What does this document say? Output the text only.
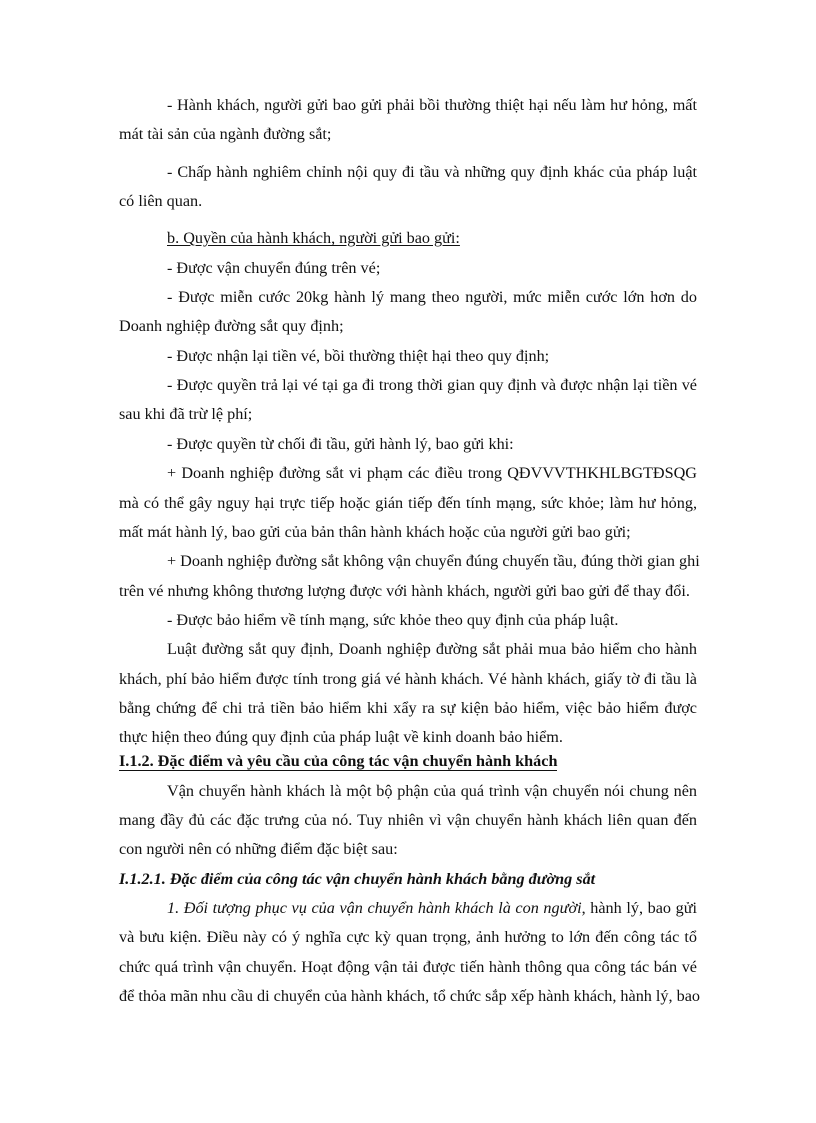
- Hành khách, người gửi bao gửi phải bồi thường thiệt hại nếu làm hư hỏng, mất
mát tài sản của ngành đường sắt;
- Chấp hành nghiêm chỉnh nội quy đi tầu và những quy định khác của pháp luật
có liên quan.
b. Quyền của hành khách, người gửi bao gửi:
- Được vận chuyển đúng trên vé;
- Được miễn cước 20kg hành lý mang theo người, mức miễn cước lớn hơn do
Doanh nghiệp đường sắt quy định;
- Được nhận lại tiền vé, bồi thường thiệt hại theo quy định;
- Được quyền trả lại vé tại ga đi trong thời gian quy định và được nhận lại tiền vé
sau khi đã trừ lệ phí;
- Được quyền từ chối đi tầu, gửi hành lý, bao gửi khi:
+ Doanh nghiệp đường sắt vi phạm các điều trong QĐVVVTHKHLBGTĐSQG
mà có thể gây nguy hại trực tiếp hoặc gián tiếp đến tính mạng, sức khỏe; làm hư hỏng,
mất mát hành lý, bao gửi của bản thân hành khách hoặc của người gửi bao gửi;
+ Doanh nghiệp đường sắt không vận chuyển đúng chuyến tầu, đúng thời gian ghi
trên vé nhưng không thương lượng được với hành khách, người gửi bao gửi để thay đổi.
- Được bảo hiểm về tính mạng, sức khỏe theo quy định của pháp luật.
Luật đường sắt quy định, Doanh nghiệp đường sắt phải mua bảo hiểm cho hành
khách, phí bảo hiểm được tính trong giá vé hành khách. Vé hành khách, giấy tờ đi tầu là
bằng chứng để chi trả tiền bảo hiểm khi xẩy ra sự kiện bảo hiểm, việc bảo hiểm được
thực hiện theo đúng quy định của pháp luật về kinh doanh bảo hiểm.
I.1.2. Đặc điểm và yêu cầu của công tác vận chuyển hành khách
Vận chuyển hành khách là một bộ phận của quá trình vận chuyển nói chung nên
mang đầy đủ các đặc trưng của nó. Tuy nhiên vì vận chuyển hành khách liên quan đến
con người nên có những điểm đặc biệt sau:
I.1.2.1. Đặc điểm của công tác vận chuyển hành khách bằng đường sắt
1. Đối tượng phục vụ của vận chuyển hành khách là con người, hành lý, bao gửi
và bưu kiện. Điều này có ý nghĩa cực kỳ quan trọng, ảnh hưởng to lớn đến công tác tổ
chức quá trình vận chuyển. Hoạt động vận tải được tiến hành thông qua công tác bán vé
để thỏa mãn nhu cầu di chuyển của hành khách, tổ chức sắp xếp hành khách, hành lý, bao
